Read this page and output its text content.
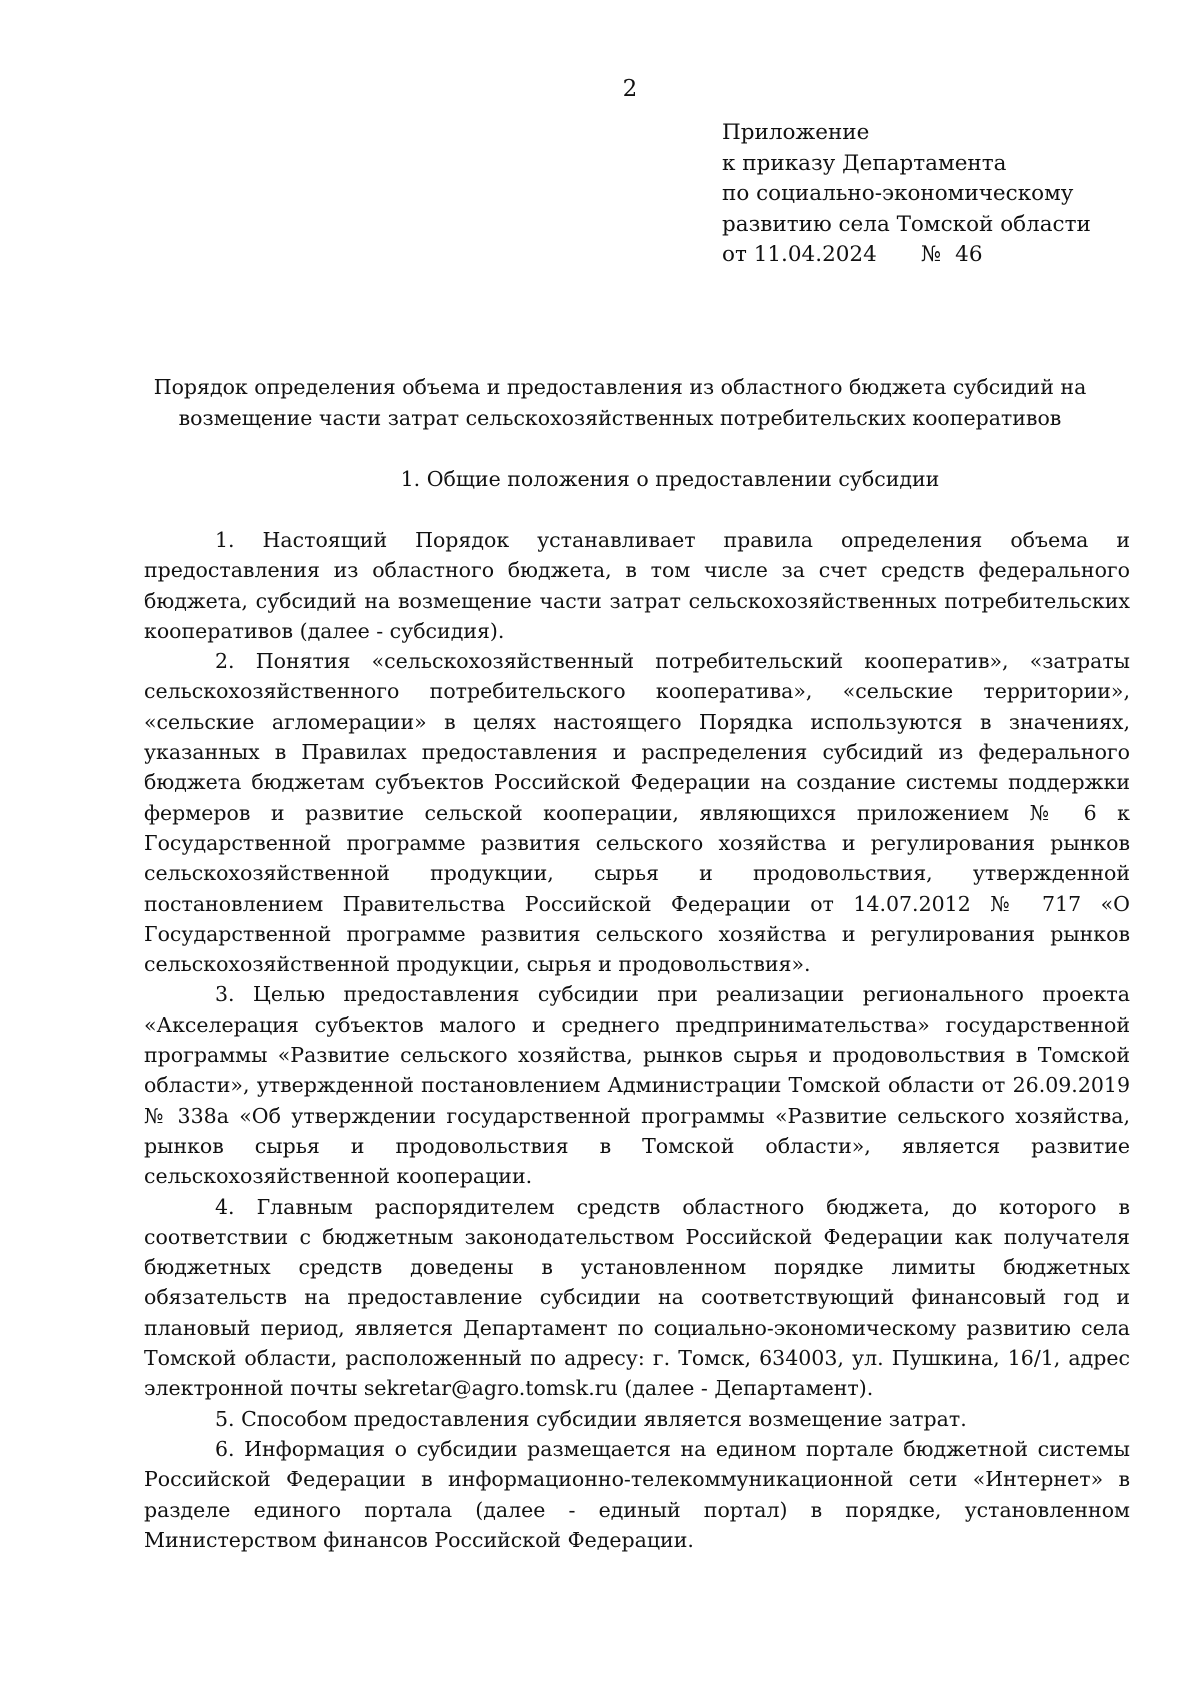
2
Приложение
к приказу Департамента
по социально-экономическому
развитию села Томской области
от 11.04.2024 № 46
Порядок определения объема и предоставления из областного бюджета субсидий на
возмещение части затрат сельскохозяйственных потребительских кооперативов
1. Общие положения о предоставлении субсидии

1. Настоящий Порядок устанавливает правила определения объема и предоставления из областного бюджета, в том числе за счет средств федерального бюджета, субсидий на возмещение части затрат сельскохозяйственных потребительских кооперативов (далее - субсидия).

2. Понятия «сельскохозяйственный потребительский кооператив», «затраты сельскохозяйственного потребительского кооператива», «сельские территории», «сельские агломерации» в целях настоящего Порядка используются в значениях, указанных в Правилах предоставления и распределения субсидий из федерального бюджета бюджетам субъектов Российской Федерации на создание системы поддержки фермеров и развитие сельской кооперации, являющихся приложением № 6 к Государственной программе развития сельского хозяйства и регулирования рынков сельскохозяйственной продукции, сырья и продовольствия, утвержденной постановлением Правительства Российской Федерации от 14.07.2012 № 717 «О Государственной программе развития сельского хозяйства и регулирования рынков сельскохозяйственной продукции, сырья и продовольствия».

3. Целью предоставления субсидии при реализации регионального проекта «Акселерация субъектов малого и среднего предпринимательства» государственной программы «Развитие сельского хозяйства, рынков сырья и продовольствия в Томской области», утвержденной постановлением Администрации Томской области от 26.09.2019 № 338а «Об утверждении государственной программы «Развитие сельского хозяйства, рынков сырья и продовольствия в Томской области», является развитие сельскохозяйственной кооперации.

4. Главным распорядителем средств областного бюджета, до которого в соответствии с бюджетным законодательством Российской Федерации как получателя бюджетных средств доведены в установленном порядке лимиты бюджетных обязательств на предоставление субсидии на соответствующий финансовый год и плановый период, является Департамент по социально-экономическому развитию села Томской области, расположенный по адресу: г. Томск, 634003, ул. Пушкина, 16/1, адрес электронной почты sekretar@agro.tomsk.ru (далее - Департамент).

5. Способом предоставления субсидии является возмещение затрат.

6. Информация о субсидии размещается на едином портале бюджетной системы Российской Федерации в информационно-телекоммуникационной сети «Интернет» в разделе единого портала (далее - единый портал) в порядке, установленном Министерством финансов Российской Федерации.
